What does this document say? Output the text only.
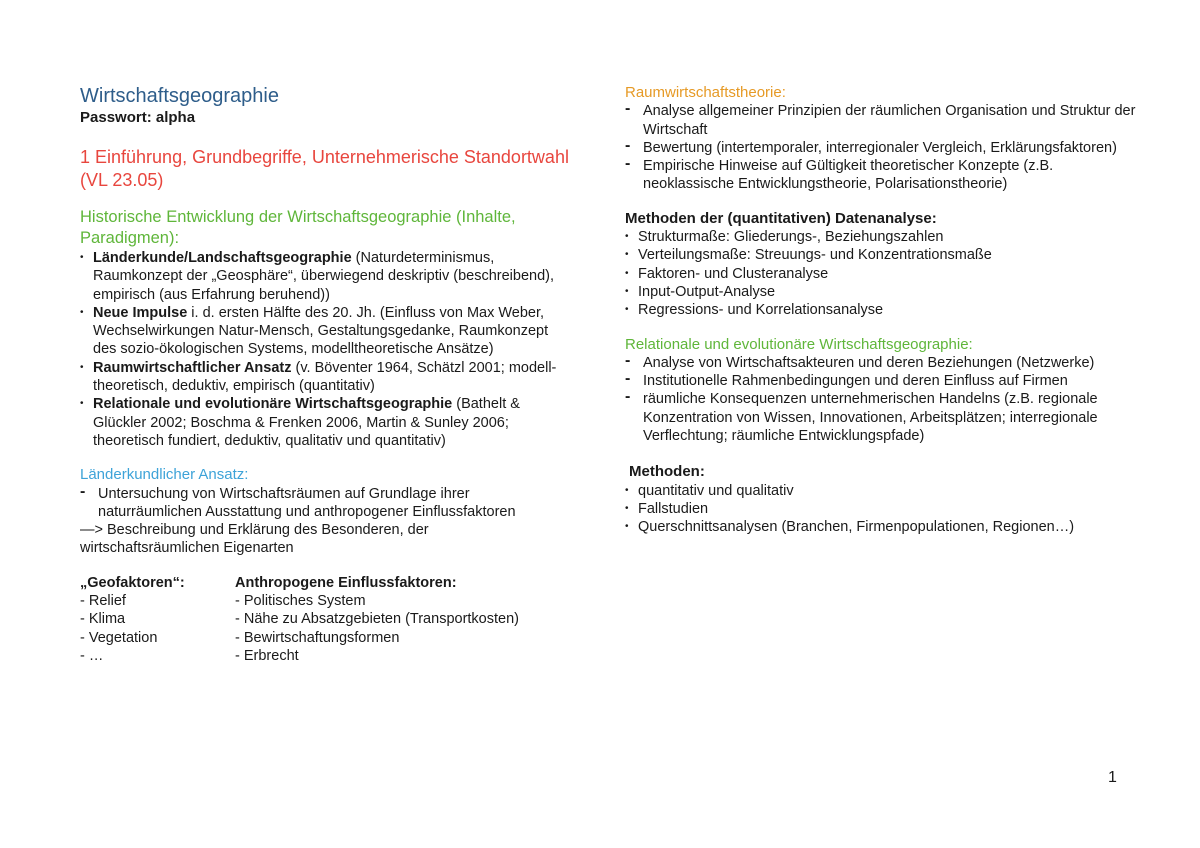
Wirtschaftsgeographie

Passwort: alpha

1 Einführung, Grundbegriffe, Unternehmerische Standortwahl (VL 23.05)

Historische Entwicklung der Wirtschaftsgeographie (Inhalte, Paradigmen):

• Länderkunde/Landschaftsgeographie (Naturdeterminismus, Raumkonzept der „Geosphäre“, überwiegend deskriptiv (beschreibend), empirisch (aus Erfahrung beruhend))
• Neue Impulse i. d. ersten Hälfte des 20. Jh. (Einfluss von Max Weber, Wechselwirkungen Natur-Mensch, Gestaltungsgedanke, Raumkonzept des sozio-ökologischen Systems, modelltheoretische Ansätze)
• Raumwirtschaftlicher Ansatz (v. Böventer 1964, Schätzl 2001; modell- theoretisch, deduktiv, empirisch (quantitativ)
• Relationale und evolutionäre Wirtschaftsgeographie (Bathelt & Glückler 2002; Boschma & Frenken 2006, Martin & Sunley 2006; theoretisch fundiert, deduktiv, qualitativ und quantitativ)

Länderkundlicher Ansatz:

- Untersuchung von Wirtschaftsräumen auf Grundlage ihrer naturräumlichen Ausstattung und anthropogener Einflussfaktoren

—> Beschreibung und Erklärung des Besonderen, der wirtschaftsräumlichen Eigenarten

„Geofaktoren“:

- Relief

- Klima

- Vegetation

- …

Anthropogene Einflussfaktoren:

- Politisches System

- Nähe zu Absatzgebieten (Transportkosten)

- Bewirtschaftungsformen

- Erbrecht

Raumwirtschaftstheorie:

- Analyse allgemeiner Prinzipien der räumlichen Organisation und Struktur der Wirtschaft
- Bewertung (intertemporaler, interregionaler Vergleich, Erklärungsfaktoren)
- Empirische Hinweise auf Gültigkeit theoretischer Konzepte (z.B. neoklassische Entwicklungstheorie, Polarisationstheorie)

Methoden der (quantitativen) Datenanalyse:

• Strukturmaße: Gliederungs-, Beziehungszahlen
• Verteilungsmaße: Streuungs- und Konzentrationsmaße
• Faktoren- und Clusteranalyse
• Input-Output-Analyse
• Regressions- und Korrelationsanalyse

Relationale und evolutionäre Wirtschaftsgeographie:

- Analyse von Wirtschaftsakteuren und deren Beziehungen (Netzwerke)
- Institutionelle Rahmenbedingungen und deren Einfluss auf Firmen
- räumliche Konsequenzen unternehmerischen Handelns (z.B. regionale Konzentration von Wissen, Innovationen, Arbeitsplätzen; interregionale Verflechtung; räumliche Entwicklungspfade)

Methoden:

• quantitativ und qualitativ
• Fallstudien
• Querschnittsanalysen (Branchen, Firmenpopulationen, Regionen…)
1
